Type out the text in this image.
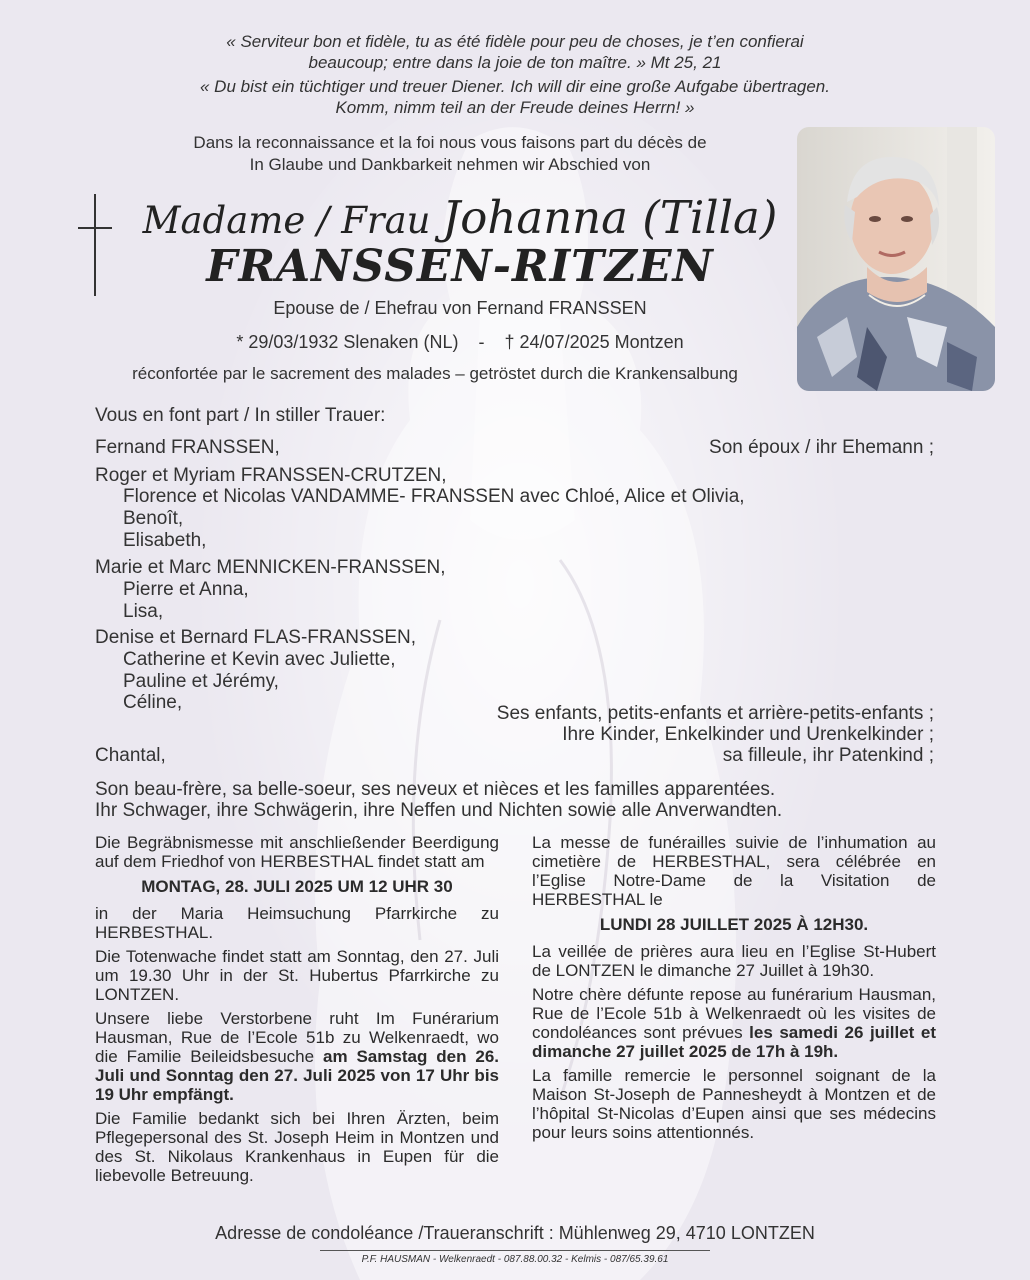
« Serviteur bon et fidèle, tu as été fidèle pour peu de choses, je t’en confierai
beaucoup; entre dans la joie de ton maître. » Mt 25, 21
« Du bist ein tüchtiger und treuer Diener. Ich will dir eine große Aufgabe übertragen.
Komm, nimm teil an der Freude deines Herrn! »
Dans la reconnaissance et la foi nous vous faisons part du décès de
In Glaube und Dankbarkeit nehmen wir Abschied von
Madame / Frau Johanna (Tilla)
FRANSSEN-RITZEN
Epouse de / Ehefrau von Fernand FRANSSEN
* 29/03/1932 Slenaken (NL) - † 24/07/2025 Montzen
réconfortée par le sacrement des malades – getröstet durch die Krankensalbung
Vous en font part / In stiller Trauer:
Fernand FRANSSEN,	Son époux / ihr Ehemann ;
Roger et Myriam FRANSSEN-CRUTZEN,
Florence et Nicolas VANDAMME- FRANSSEN avec Chloé, Alice et Olivia,
Benoît,
Elisabeth,
Marie et Marc MENNICKEN-FRANSSEN,
Pierre et Anna,
Lisa,
Denise et Bernard FLAS-FRANSSEN,
Catherine et Kevin avec Juliette,
Pauline et Jérémy,
Céline,
Ses enfants, petits-enfants et arrière-petits-enfants ;
Ihre Kinder, Enkelkinder und Urenkelkinder ;
Chantal,	sa filleule, ihr Patenkind ;
Son beau-frère, sa belle-soeur, ses neveux et nièces et les familles apparentées.
Ihr Schwager, ihre Schwägerin, ihre Neffen und Nichten sowie alle Anverwandten.

Die Begräbnismesse mit anschließender Beerdigung auf dem Friedhof von HERBESTHAL findet statt am

MONTAG, 28. JULI 2025 UM 12 UHR 30

in der Maria Heimsuchung Pfarrkirche zu HERBESTHAL.

Die Totenwache findet statt am Sonntag, den 27. Juli um 19.30 Uhr in der St. Hubertus Pfarrkirche zu LONTZEN.

Unsere liebe Verstorbene ruht Im Funérarium Hausman, Rue de l’Ecole 51b zu Welkenraedt, wo die Familie Beileidsbesuche am Samstag den 26. Juli und Sonntag den 27. Juli 2025 von 17 Uhr bis 19 Uhr empfängt.

Die Familie bedankt sich bei Ihren Ärzten, beim Pflegepersonal des St. Joseph Heim in Montzen und des St. Nikolaus Krankenhaus in Eupen für die liebevolle Betreuung.

La messe de funérailles suivie de l’inhumation au cimetière de HERBESTHAL, sera célébrée en l’Eglise Notre-Dame de la Visitation de HERBESTHAL le

LUNDI 28 JUILLET 2025 À 12H30.

La veillée de prières aura lieu en l’Eglise St-Hubert de LONTZEN le dimanche 27 Juillet à 19h30.

Notre chère défunte repose au funérarium Hausman, Rue de l’Ecole 51b à Welkenraedt où les visites de condoléances sont prévues les samedi 26 juillet et dimanche 27 juillet 2025 de 17h à 19h.

La famille remercie le personnel soignant de la Maison St-Joseph de Pannesheydt à Montzen et de l’hôpital St-Nicolas d’Eupen ainsi que ses médecins pour leurs soins attentionnés.

Adresse de condoléance /Traueranschrift : Mühlenweg 29, 4710 LONTZEN
P.F. HAUSMAN - Welkenraedt - 087.88.00.32 - Kelmis - 087/65.39.61
